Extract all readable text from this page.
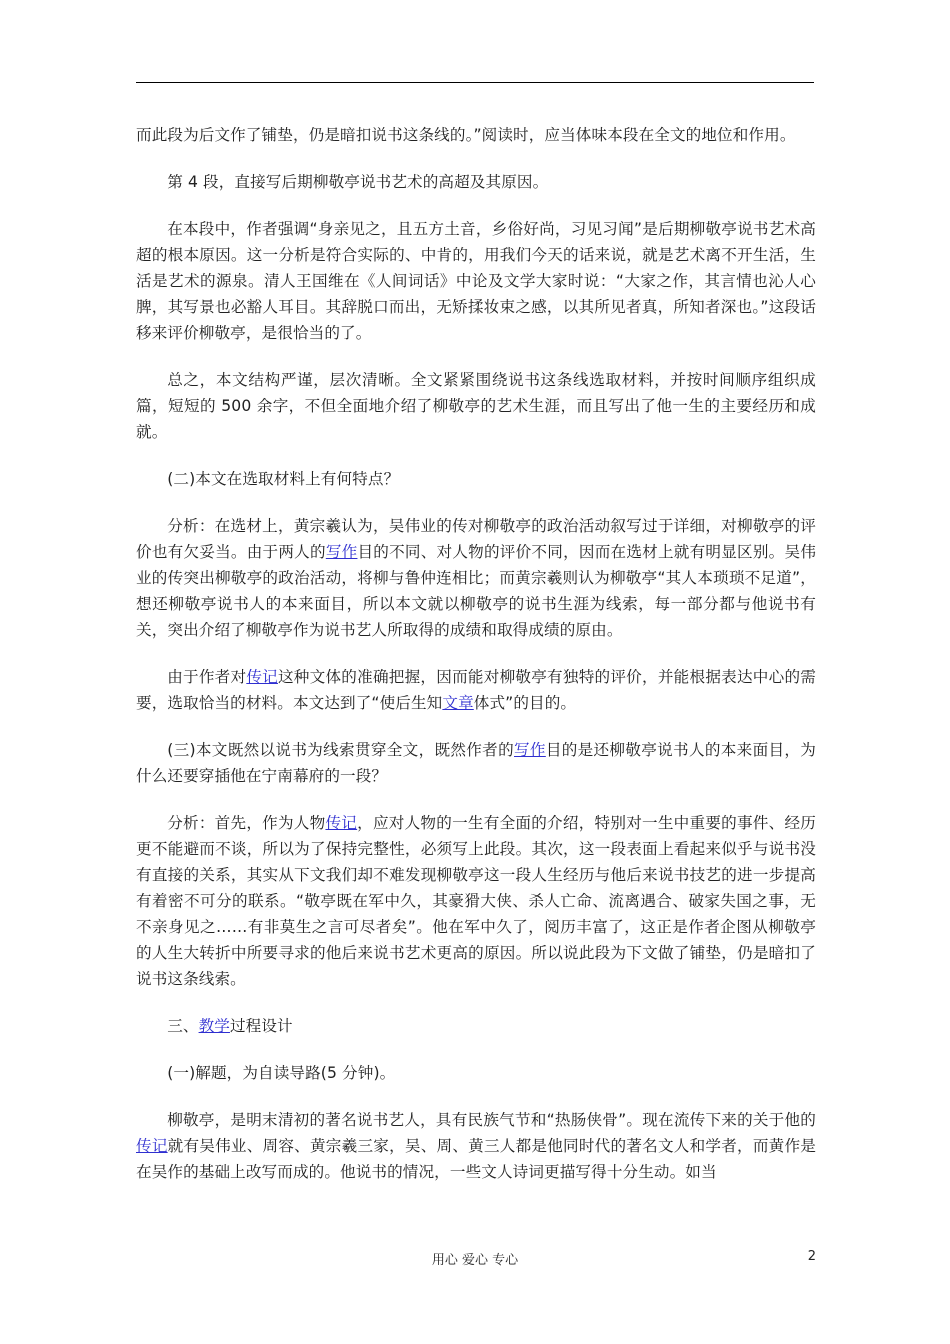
而此段为后文作了铺垫，仍是暗扣说书这条线的。”阅读时，应当体味本段在全文的地位和作用。

第 4 段，直接写后期柳敬亭说书艺术的高超及其原因。

在本段中，作者强调“身亲见之，且五方土音，乡俗好尚，习见习闻”是后期柳敬亭说书艺术高超的根本原因。这一分析是符合实际的、中肯的，用我们今天的话来说，就是艺术离不开生活，生活是艺术的源泉。清人王国维在《人间词话》中论及文学大家时说：“大家之作，其言情也沁人心脾，其写景也必豁人耳目。其辞脱口而出，无矫揉妆束之感，以其所见者真，所知者深也。”这段话移来评价柳敬亭，是很恰当的了。

总之，本文结构严谨，层次清晰。全文紧紧围绕说书这条线选取材料，并按时间顺序组织成篇，短短的 500 余字，不但全面地介绍了柳敬亭的艺术生涯，而且写出了他一生的主要经历和成就。

(二)本文在选取材料上有何特点？

分析：在选材上，黄宗羲认为，吴伟业的传对柳敬亭的政治活动叙写过于详细，对柳敬亭的评价也有欠妥当。由于两人的写作目的不同、对人物的评价不同，因而在选材上就有明显区别。吴伟业的传突出柳敬亭的政治活动，将柳与鲁仲连相比；而黄宗羲则认为柳敬亭“其人本琐琐不足道”，想还柳敬亭说书人的本来面目，所以本文就以柳敬亭的说书生涯为线索，每一部分都与他说书有关，突出介绍了柳敬亭作为说书艺人所取得的成绩和取得成绩的原由。

由于作者对传记这种文体的准确把握，因而能对柳敬亭有独特的评价，并能根据表达中心的需要，选取恰当的材料。本文达到了“使后生知文章体式”的目的。

(三)本文既然以说书为线索贯穿全文，既然作者的写作目的是还柳敬亭说书人的本来面目，为什么还要穿插他在宁南幕府的一段？

分析：首先，作为人物传记，应对人物的一生有全面的介绍，特别对一生中重要的事件、经历更不能避而不谈，所以为了保持完整性，必须写上此段。其次，这一段表面上看起来似乎与说书没有直接的关系，其实从下文我们却不难发现柳敬亭这一段人生经历与他后来说书技艺的进一步提高有着密不可分的联系。“敬亭既在军中久，其豪猾大侠、杀人亡命、流离遇合、破家失国之事，无不亲身见之……有非莫生之言可尽者矣”。他在军中久了，阅历丰富了，这正是作者企图从柳敬亭的人生大转折中所要寻求的他后来说书艺术更高的原因。所以说此段为下文做了铺垫，仍是暗扣了说书这条线索。

三、教学过程设计

(一)解题，为自读导路(5 分钟)。

柳敬亭，是明末清初的著名说书艺人，具有民族气节和“热肠侠骨”。现在流传下来的关于他的传记就有吴伟业、周容、黄宗羲三家，吴、周、黄三人都是他同时代的著名文人和学者，而黄作是在吴作的基础上改写而成的。他说书的情况，一些文人诗词更描写得十分生动。如当

用心 爱心 专心	2
